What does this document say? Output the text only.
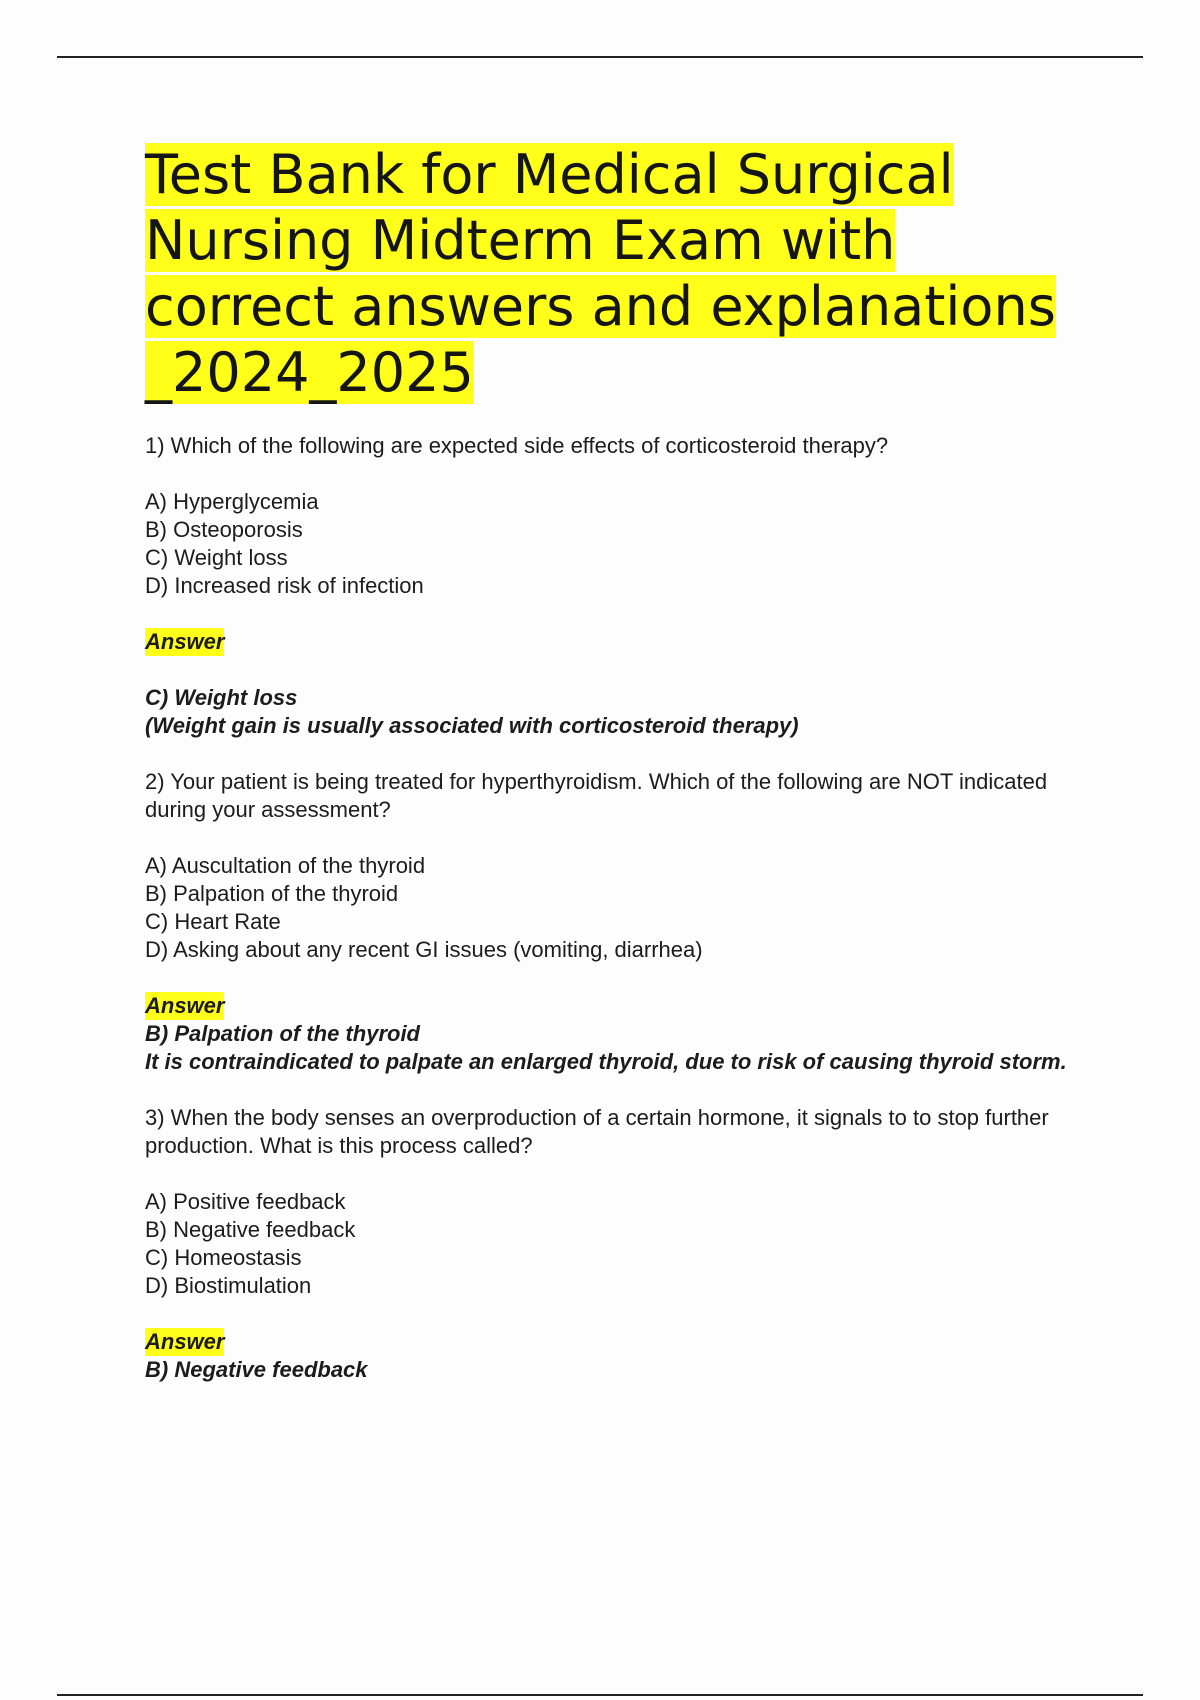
Test Bank for Medical Surgical
Nursing Midterm Exam with
correct answers and explanations
_2024_2025

1) Which of the following are expected side effects of corticosteroid therapy?

A) Hyperglycemia
B) Osteoporosis
C) Weight loss
D) Increased risk of infection
Answer

C) Weight loss

(Weight gain is usually associated with corticosteroid therapy)

2) Your patient is being treated for hyperthyroidism. Which of the following are NOT indicated during your assessment?

A) Auscultation of the thyroid
B) Palpation of the thyroid
C) Heart Rate
D) Asking about any recent GI issues (vomiting, diarrhea)
Answer

B) Palpation of the thyroid

It is contraindicated to palpate an enlarged thyroid, due to risk of causing thyroid storm.

3) When the body senses an overproduction of a certain hormone, it signals to to stop further production. What is this process called?

A) Positive feedback
B) Negative feedback
C) Homeostasis
D) Biostimulation
Answer

B) Negative feedback
